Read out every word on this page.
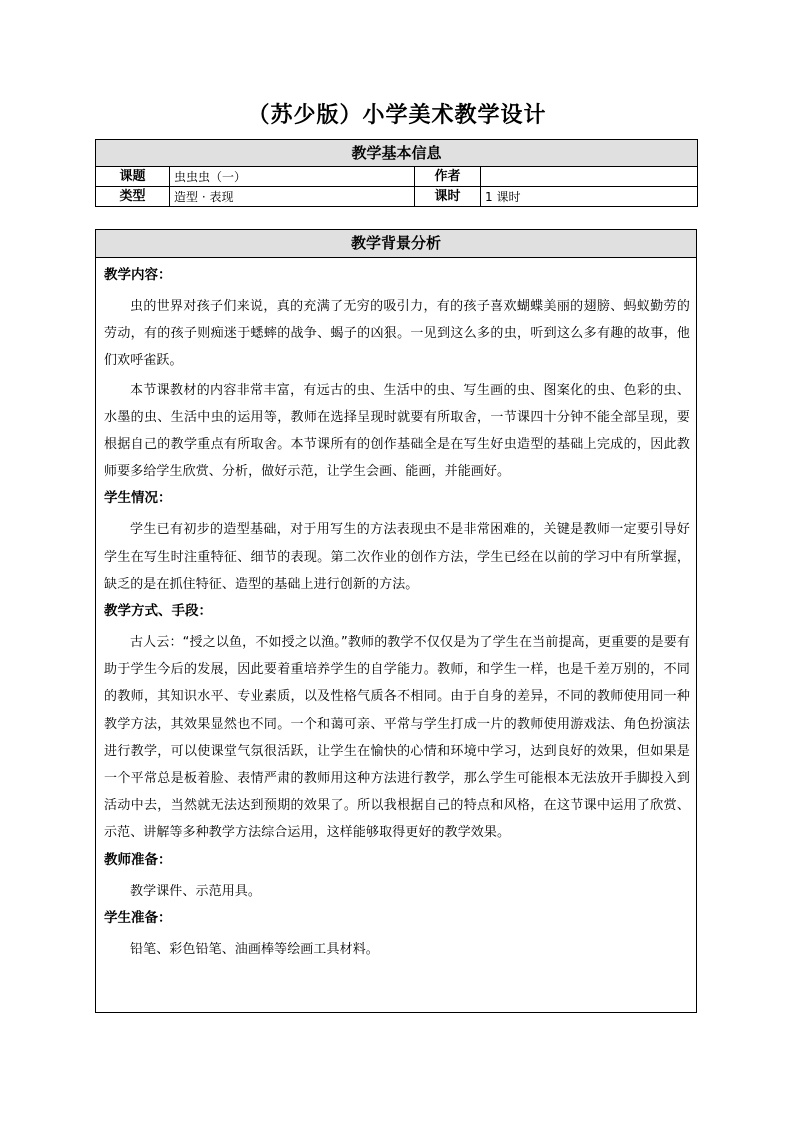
（苏少版）小学美术教学设计
教学基本信息			
课题	虫虫虫（一）	作者	
类型	造型 · 表现	课时	1 课时
教学背景分析
教学内容：

虫的世界对孩子们来说，真的充满了无穷的吸引力，有的孩子喜欢蝴蝶美丽的翅膀、蚂蚁勤劳的劳动，有的孩子则痴迷于蟋蟀的战争、蝎子的凶狠。一见到这么多的虫，听到这么多有趣的故事，他们欢呼雀跃。

本节课教材的内容非常丰富，有远古的虫、生活中的虫、写生画的虫、图案化的虫、色彩的虫、水墨的虫、生活中虫的运用等，教师在选择呈现时就要有所取舍，一节课四十分钟不能全部呈现，要根据自己的教学重点有所取舍。本节课所有的创作基础全是在写生好虫造型的基础上完成的，因此教师要多给学生欣赏、分析，做好示范，让学生会画、能画，并能画好。

学生情况：

学生已有初步的造型基础，对于用写生的方法表现虫不是非常困难的，关键是教师一定要引导好学生在写生时注重特征、细节的表现。第二次作业的创作方法，学生已经在以前的学习中有所掌握，缺乏的是在抓住特征、造型的基础上进行创新的方法。

教学方式、手段：

古人云：“授之以鱼，不如授之以渔。”教师的教学不仅仅是为了学生在当前提高，更重要的是要有助于学生今后的发展，因此要着重培养学生的自学能力。教师，和学生一样，也是千差万别的，不同的教师，其知识水平、专业素质，以及性格气质各不相同。由于自身的差异，不同的教师使用同一种教学方法，其效果显然也不同。一个和蔼可亲、平常与学生打成一片的教师使用游戏法、角色扮演法进行教学，可以使课堂气氛很活跃，让学生在愉快的心情和环境中学习，达到良好的效果，但如果是一个平常总是板着脸、表情严肃的教师用这种方法进行教学，那么学生可能根本无法放开手脚投入到活动中去，当然就无法达到预期的效果了。所以我根据自己的特点和风格，在这节课中运用了欣赏、示范、讲解等多种教学方法综合运用，这样能够取得更好的教学效果。

教师准备：

教学课件、示范用具。

学生准备：

铅笔、彩色铅笔、油画棒等绘画工具材料。
